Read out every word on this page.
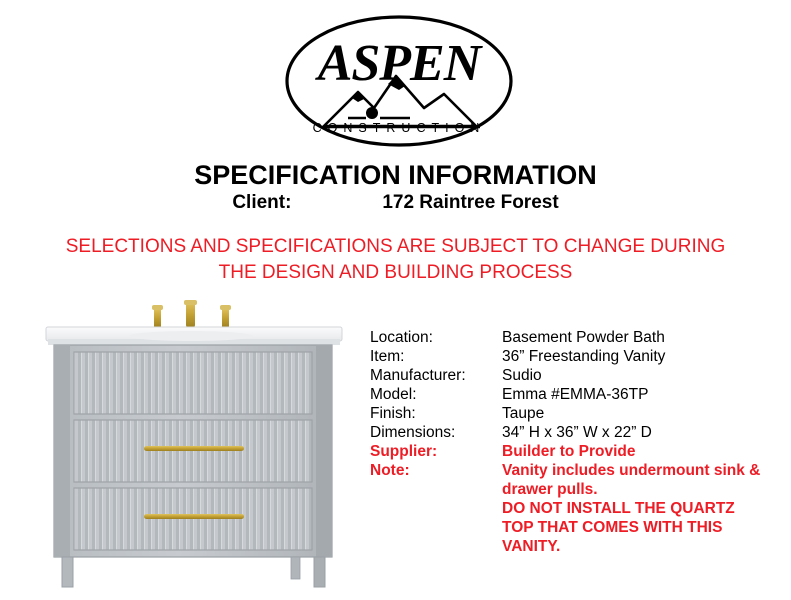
ASPEN
CONSTRUCTION
SPECIFICATION INFORMATION
Client:	172 Raintree Forest
SELECTIONS AND SPECIFICATIONS ARE SUBJECT TO CHANGE DURING
THE DESIGN AND BUILDING PROCESS
Location:	Basement Powder Bath
Item:	36” Freestanding Vanity
Manufacturer:	Sudio
Model:	Emma #EMMA-36TP
Finish:	Taupe
Dimensions:	34” H x 36” W x 22” D
Supplier:	Builder to Provide
Note:	Vanity includes undermount sink & drawer pulls.
DO NOT INSTALL THE QUARTZ TOP THAT COMES WITH THIS VANITY.
